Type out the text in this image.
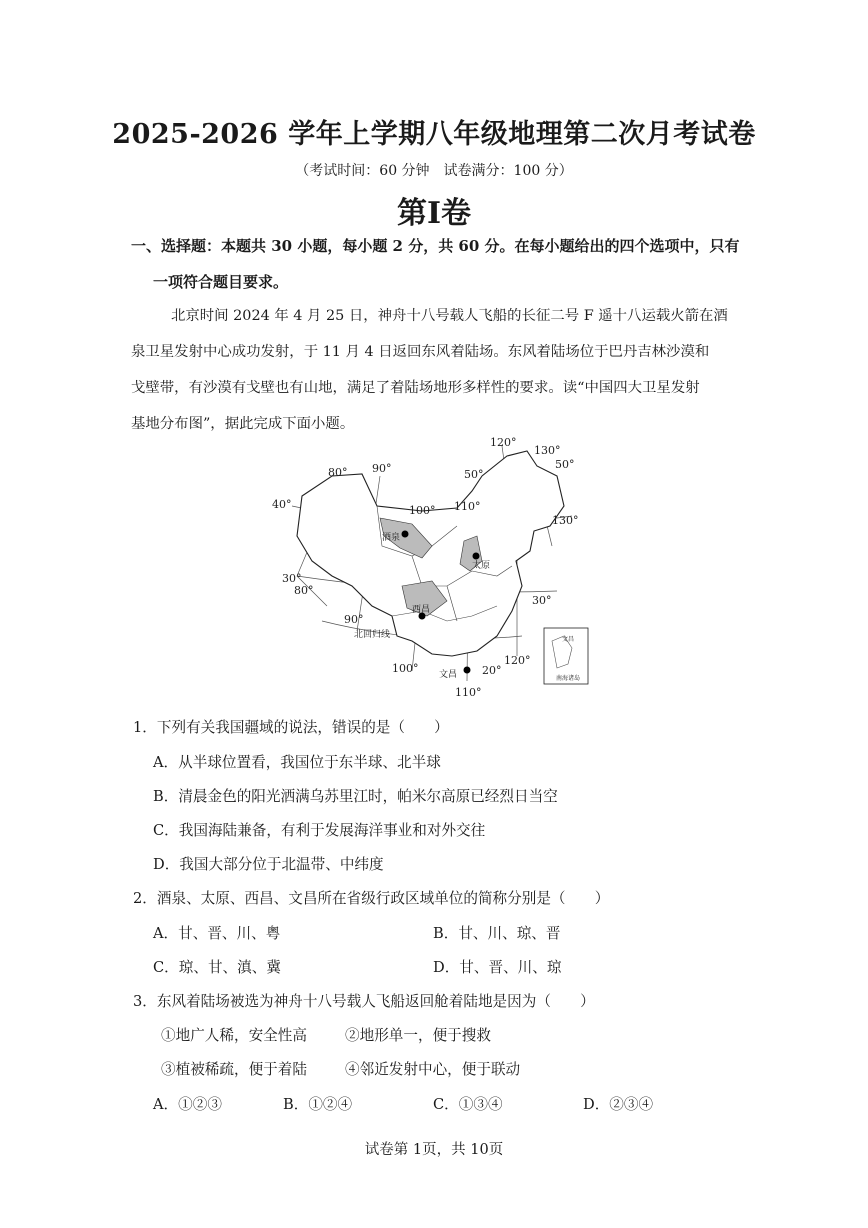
2025-2026 学年上学期八年级地理第二次月考试卷
（考试时间：60 分钟　试卷满分：100 分）
第Ⅰ卷
一、选择题：本题共 30 小题，每小题 2 分，共 60 分。在每小题给出的四个选项中，只有
一项符合题目要求。
北京时间 2024 年 4 月 25 日，神舟十八号载人飞船的长征二号 F 遥十八运载火箭在酒
泉卫星发射中心成功发射，于 11 月 4 日返回东风着陆场。东风着陆场位于巴丹吉林沙漠和
戈壁带，有沙漠有戈壁也有山地，满足了着陆场地形多样性的要求。读“中国四大卫星发射
基地分布图”，据此完成下面小题。
80° 90°
100° 110°
120°
130°
50°
50°
130°
40°
30°
80°
90°
30°
北回归线
100°
120°
20°
110°
酒泉
太原
西昌
文昌
文昌
南海诸岛
1．下列有关我国疆域的说法，错误的是（　　）
A．从半球位置看，我国位于东半球、北半球
B．清晨金色的阳光洒满乌苏里江时，帕米尔高原已经烈日当空
C．我国海陆兼备，有利于发展海洋事业和对外交往
D．我国大部分位于北温带、中纬度
2．酒泉、太原、西昌、文昌所在省级行政区域单位的简称分别是（　　）
A．甘、晋、川、粤	B．甘、川、琼、晋
C．琼、甘、滇、冀	D．甘、晋、川、琼
3．东风着陆场被选为神舟十八号载人飞船返回舱着陆地是因为（　　）
①地广人稀，安全性高	②地形单一，便于搜救
③植被稀疏，便于着陆	④邻近发射中心，便于联动
A．①②③	B．①②④	C．①③④	D．②③④
试卷第 1页，共 10页
